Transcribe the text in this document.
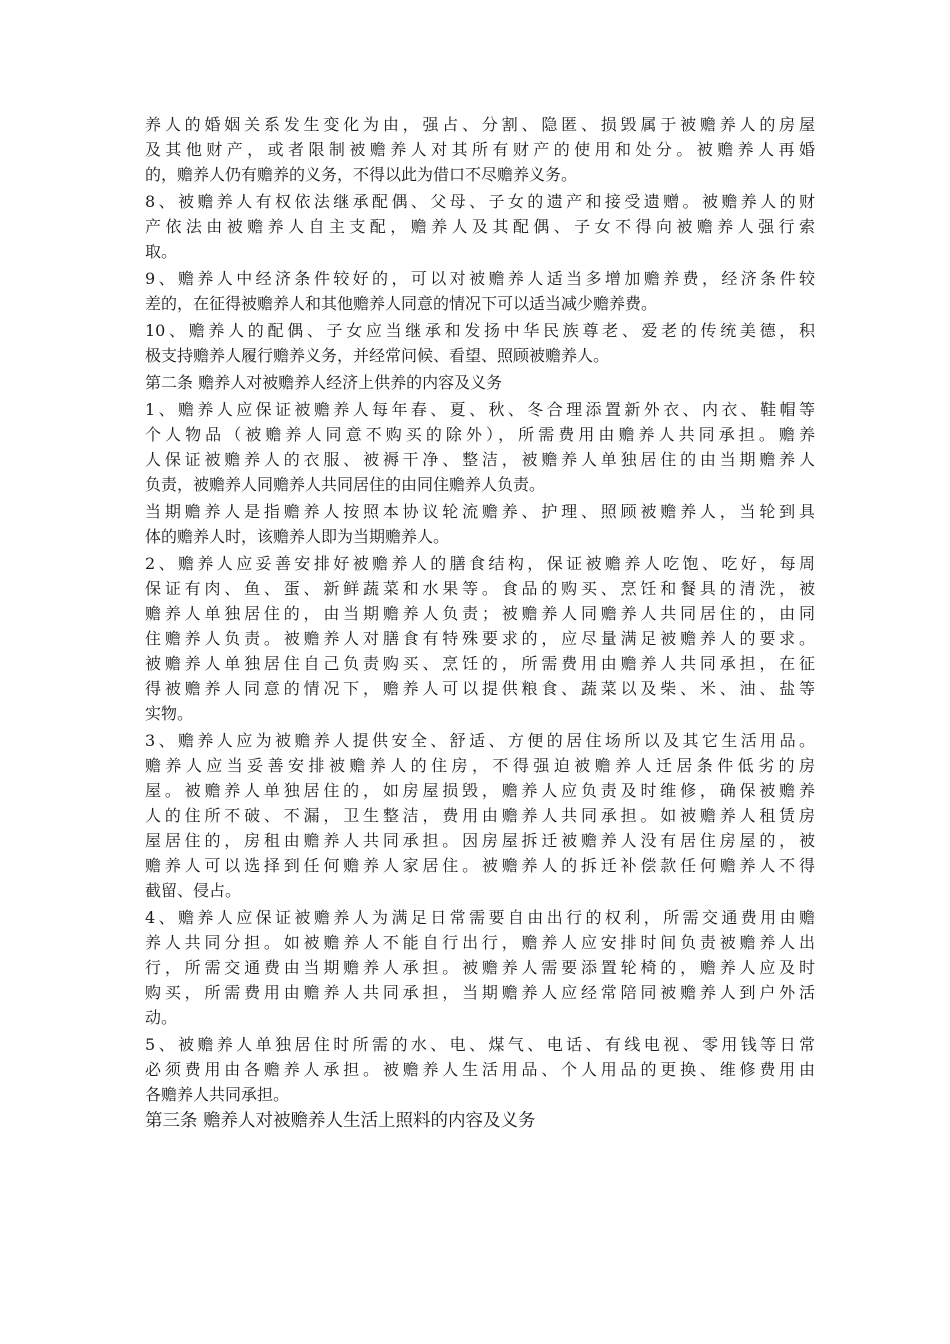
养人的婚姻关系发生变化为由，强占、分割、隐匿、损毁属于被赡养人的房屋
及其他财产，或者限制被赡养人对其所有财产的使用和处分。被赡养人再婚
的，赡养人仍有赡养的义务，不得以此为借口不尽赡养义务。
8、被赡养人有权依法继承配偶、父母、子女的遗产和接受遗赠。被赡养人的财
产依法由被赡养人自主支配，赡养人及其配偶、子女不得向被赡养人强行索
取。
9、赡养人中经济条件较好的，可以对被赡养人适当多增加赡养费，经济条件较
差的，在征得被赡养人和其他赡养人同意的情况下可以适当减少赡养费。
10、赡养人的配偶、子女应当继承和发扬中华民族尊老、爱老的传统美德，积
极支持赡养人履行赡养义务，并经常问候、看望、照顾被赡养人。
第二条 赡养人对被赡养人经济上供养的内容及义务
1、赡养人应保证被赡养人每年春、夏、秋、冬合理添置新外衣、内衣、鞋帽等
个人物品（被赡养人同意不购买的除外），所需费用由赡养人共同承担。赡养
人保证被赡养人的衣服、被褥干净、整洁，被赡养人单独居住的由当期赡养人
负责，被赡养人同赡养人共同居住的由同住赡养人负责。
当期赡养人是指赡养人按照本协议轮流赡养、护理、照顾被赡养人，当轮到具
体的赡养人时，该赡养人即为当期赡养人。
2、赡养人应妥善安排好被赡养人的膳食结构，保证被赡养人吃饱、吃好，每周
保证有肉、鱼、蛋、新鲜蔬菜和水果等。食品的购买、烹饪和餐具的清洗，被
赡养人单独居住的，由当期赡养人负责；被赡养人同赡养人共同居住的，由同
住赡养人负责。被赡养人对膳食有特殊要求的，应尽量满足被赡养人的要求。
被赡养人单独居住自己负责购买、烹饪的，所需费用由赡养人共同承担，在征
得被赡养人同意的情况下，赡养人可以提供粮食、蔬菜以及柴、米、油、盐等
实物。
3、赡养人应为被赡养人提供安全、舒适、方便的居住场所以及其它生活用品。
赡养人应当妥善安排被赡养人的住房，不得强迫被赡养人迁居条件低劣的房
屋。被赡养人单独居住的，如房屋损毁，赡养人应负责及时维修，确保被赡养
人的住所不破、不漏，卫生整洁，费用由赡养人共同承担。如被赡养人租赁房
屋居住的，房租由赡养人共同承担。因房屋拆迁被赡养人没有居住房屋的，被
赡养人可以选择到任何赡养人家居住。被赡养人的拆迁补偿款任何赡养人不得
截留、侵占。
4、赡养人应保证被赡养人为满足日常需要自由出行的权利，所需交通费用由赡
养人共同分担。如被赡养人不能自行出行，赡养人应安排时间负责被赡养人出
行，所需交通费由当期赡养人承担。被赡养人需要添置轮椅的，赡养人应及时
购买，所需费用由赡养人共同承担，当期赡养人应经常陪同被赡养人到户外活
动。
5、被赡养人单独居住时所需的水、电、煤气、电话、有线电视、零用钱等日常
必须费用由各赡养人承担。被赡养人生活用品、个人用品的更换、维修费用由
各赡养人共同承担。
第三条 赡养人对被赡养人生活上照料的内容及义务
